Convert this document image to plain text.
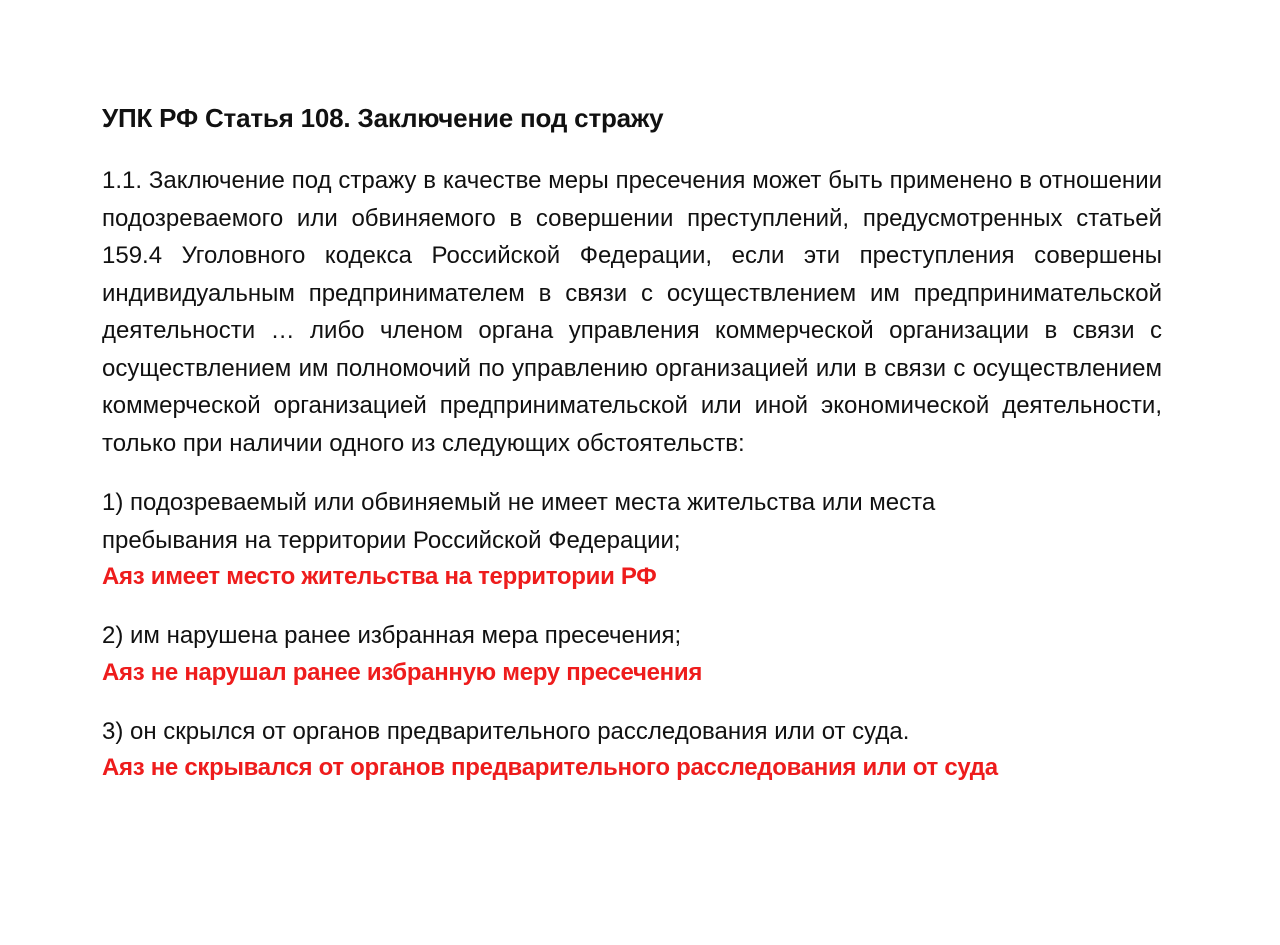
УПК РФ Статья 108. Заключение под стражу

1.1. Заключение под стражу в качестве меры пресечения может быть применено в отношении подозреваемого или обвиняемого в совершении преступлений, предусмотренных статьей 159.4 Уголовного кодекса Российской Федерации, если эти преступления совершены индивидуальным предпринимателем в связи с осуществлением им предпринимательской деятельности … либо членом органа управления коммерческой организации в связи с осуществлением им полномочий по управлению организацией или в связи с осуществлением коммерческой организацией предпринимательской или иной экономической деятельности, только при наличии одного из следующих обстоятельств:

1) подозреваемый или обвиняемый не имеет места жительства или места пребывания на территории Российской Федерации;

Аяз имеет место жительства на территории РФ

2) им нарушена ранее избранная мера пресечения;

Аяз не нарушал ранее избранную меру пресечения

3) он скрылся от органов предварительного расследования или от суда.

Аяз не скрывался от органов предварительного расследования или от суда
